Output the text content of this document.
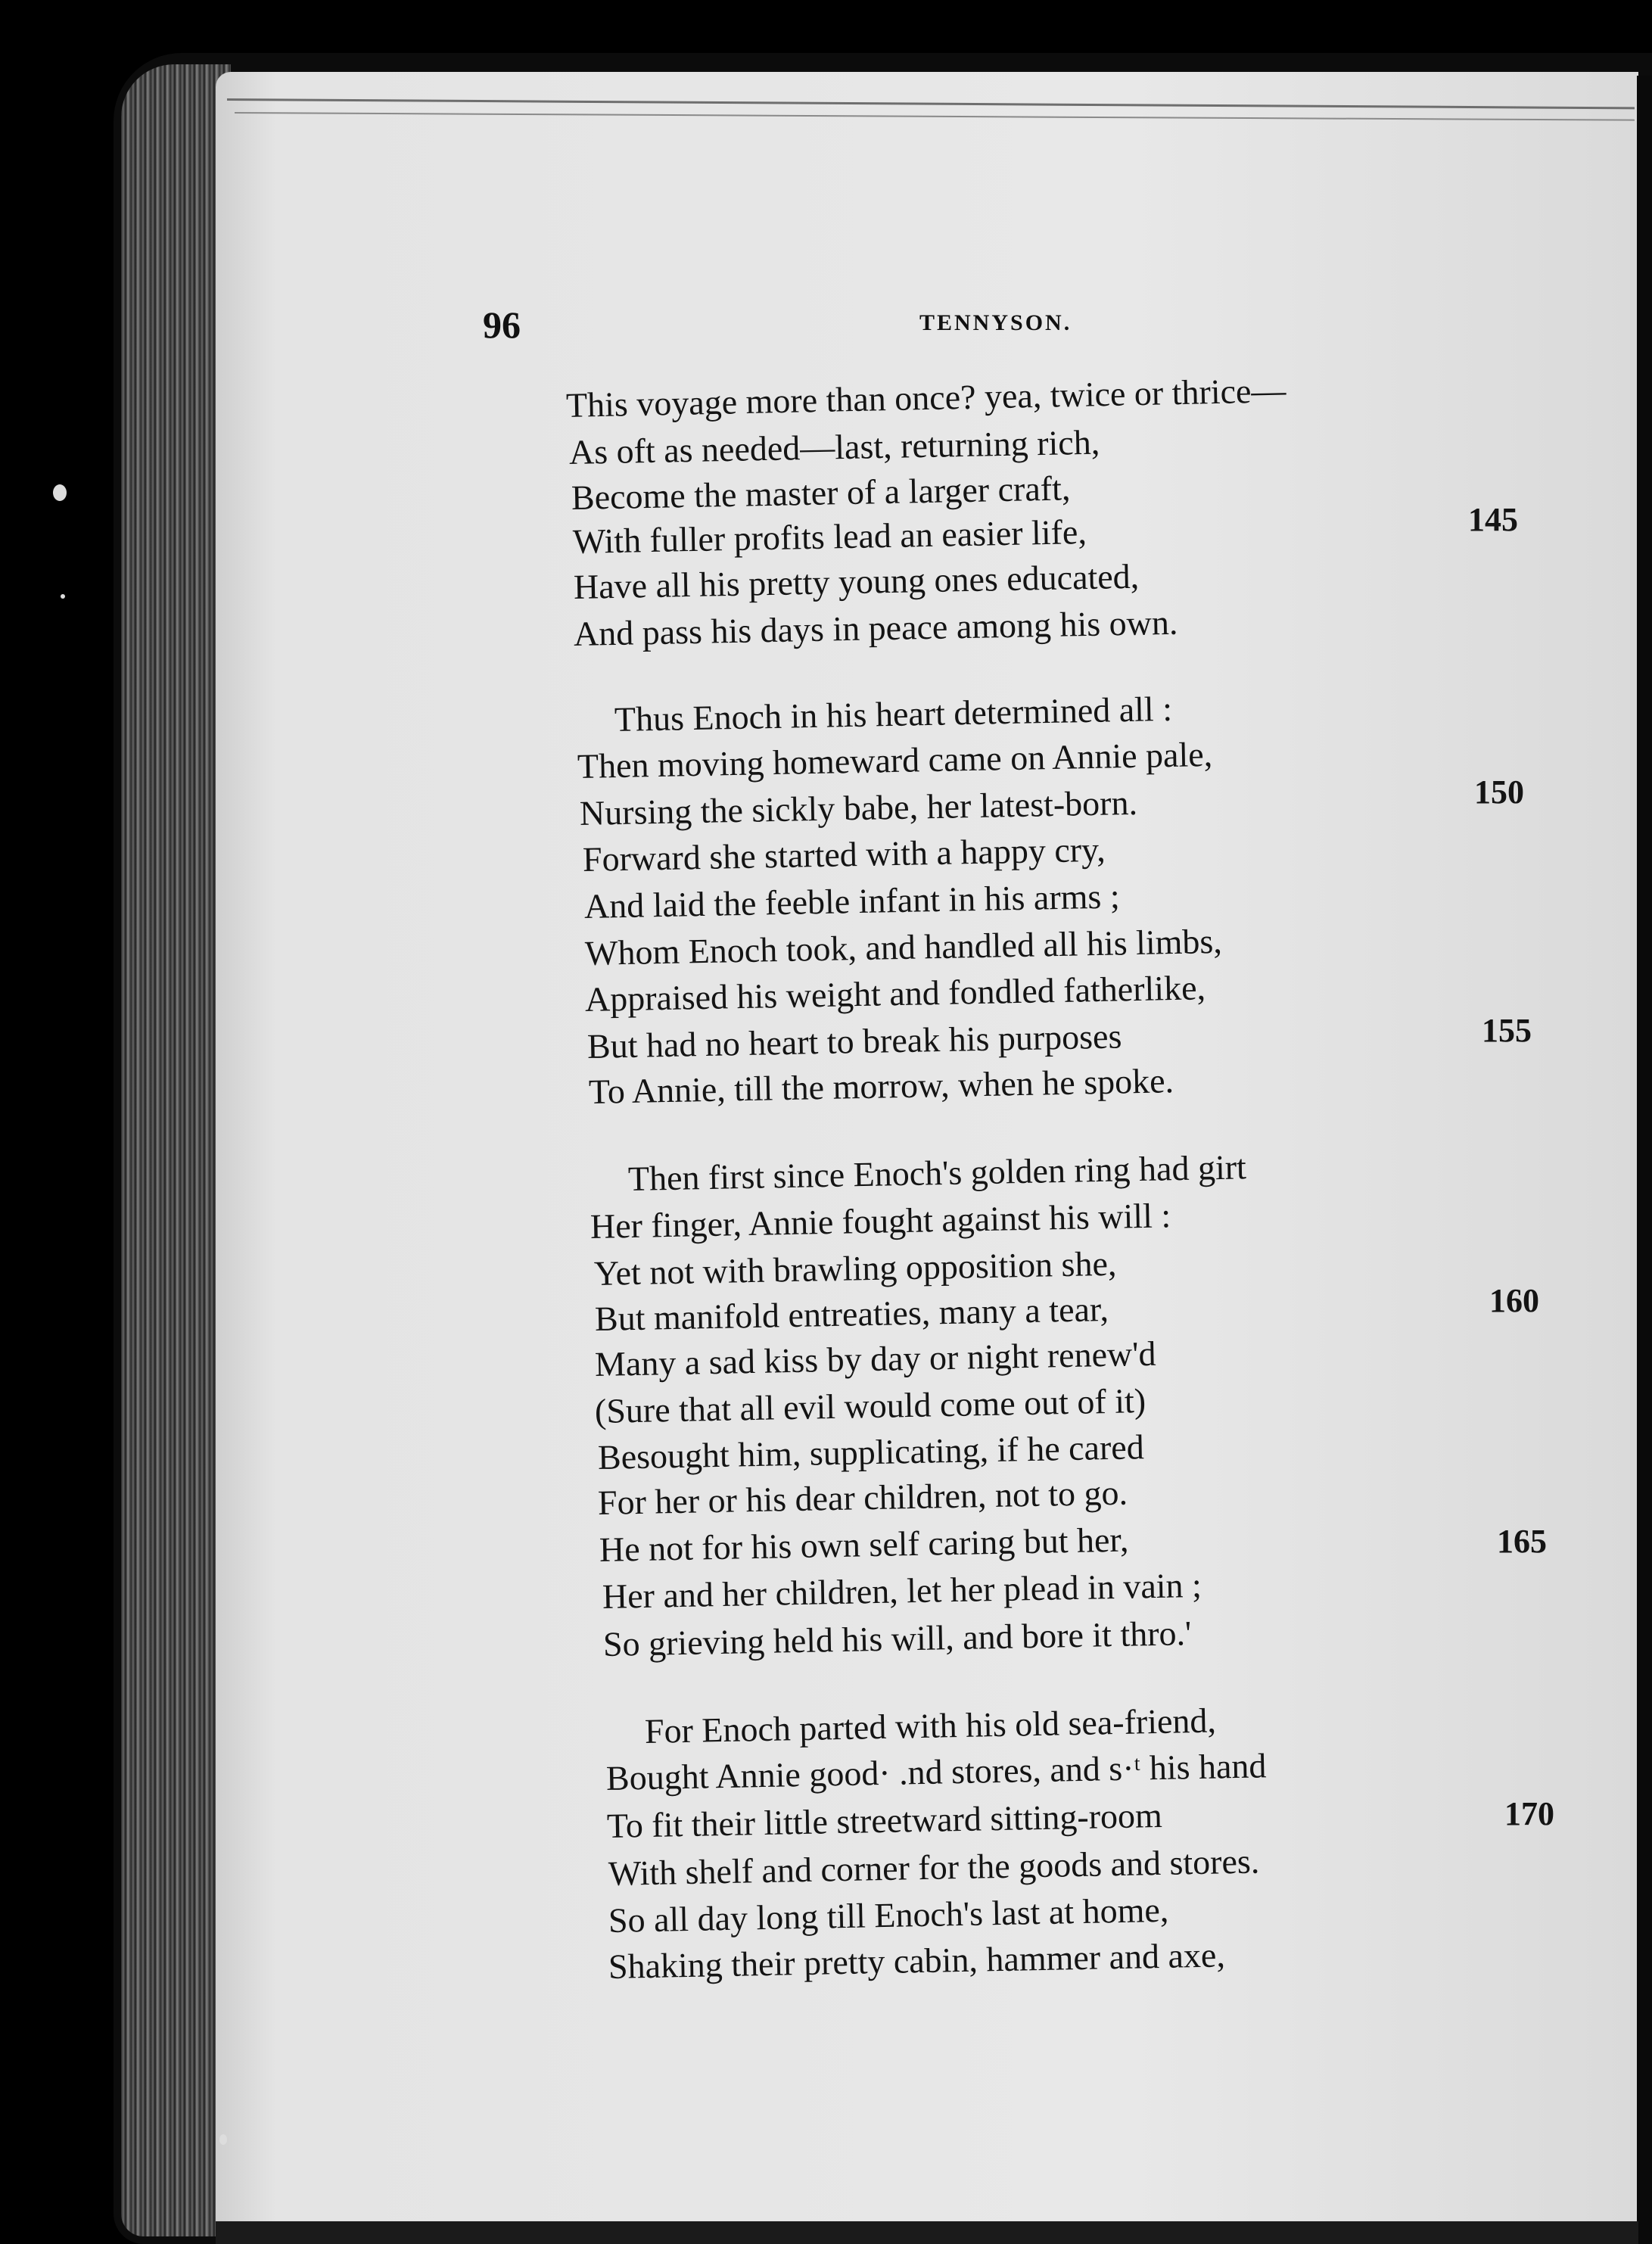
96	TENNYSON.
This voyage more than once? yea, twice or thrice—
As oft as needed—last, returning rich,
Become the master of a larger craft,
With fuller profits lead an easier life,
Have all his pretty young ones educated,
And pass his days in peace among his own.
Thus Enoch in his heart determined all :
Then moving homeward came on Annie pale,
Nursing the sickly babe, her latest-born.
Forward she started with a happy cry,
And laid the feeble infant in his arms ;
Whom Enoch took, and handled all his limbs,
Appraised his weight and fondled fatherlike,
But had no heart to break his purposes
To Annie, till the morrow, when he spoke.
Then first since Enoch's golden ring had girt
Her finger, Annie fought against his will :
Yet not with brawling opposition she,
But manifold entreaties, many a tear,
Many a sad kiss by day or night renew'd
(Sure that all evil would come out of it)
Besought him, supplicating, if he cared
For her or his dear children, not to go.
He not for his own self caring but her,
Her and her children, let her plead in vain ;
So grieving held his will, and bore it thro.'
For Enoch parted with his old sea-friend,
Bought Annie good· .nd stores, and s·ᵗ his hand
To fit their little streetward sitting-room
With shelf and corner for the goods and stores.
So all day long till Enoch's last at home,
Shaking their pretty cabin, hammer and axe,
145
150
155
160
165
170
